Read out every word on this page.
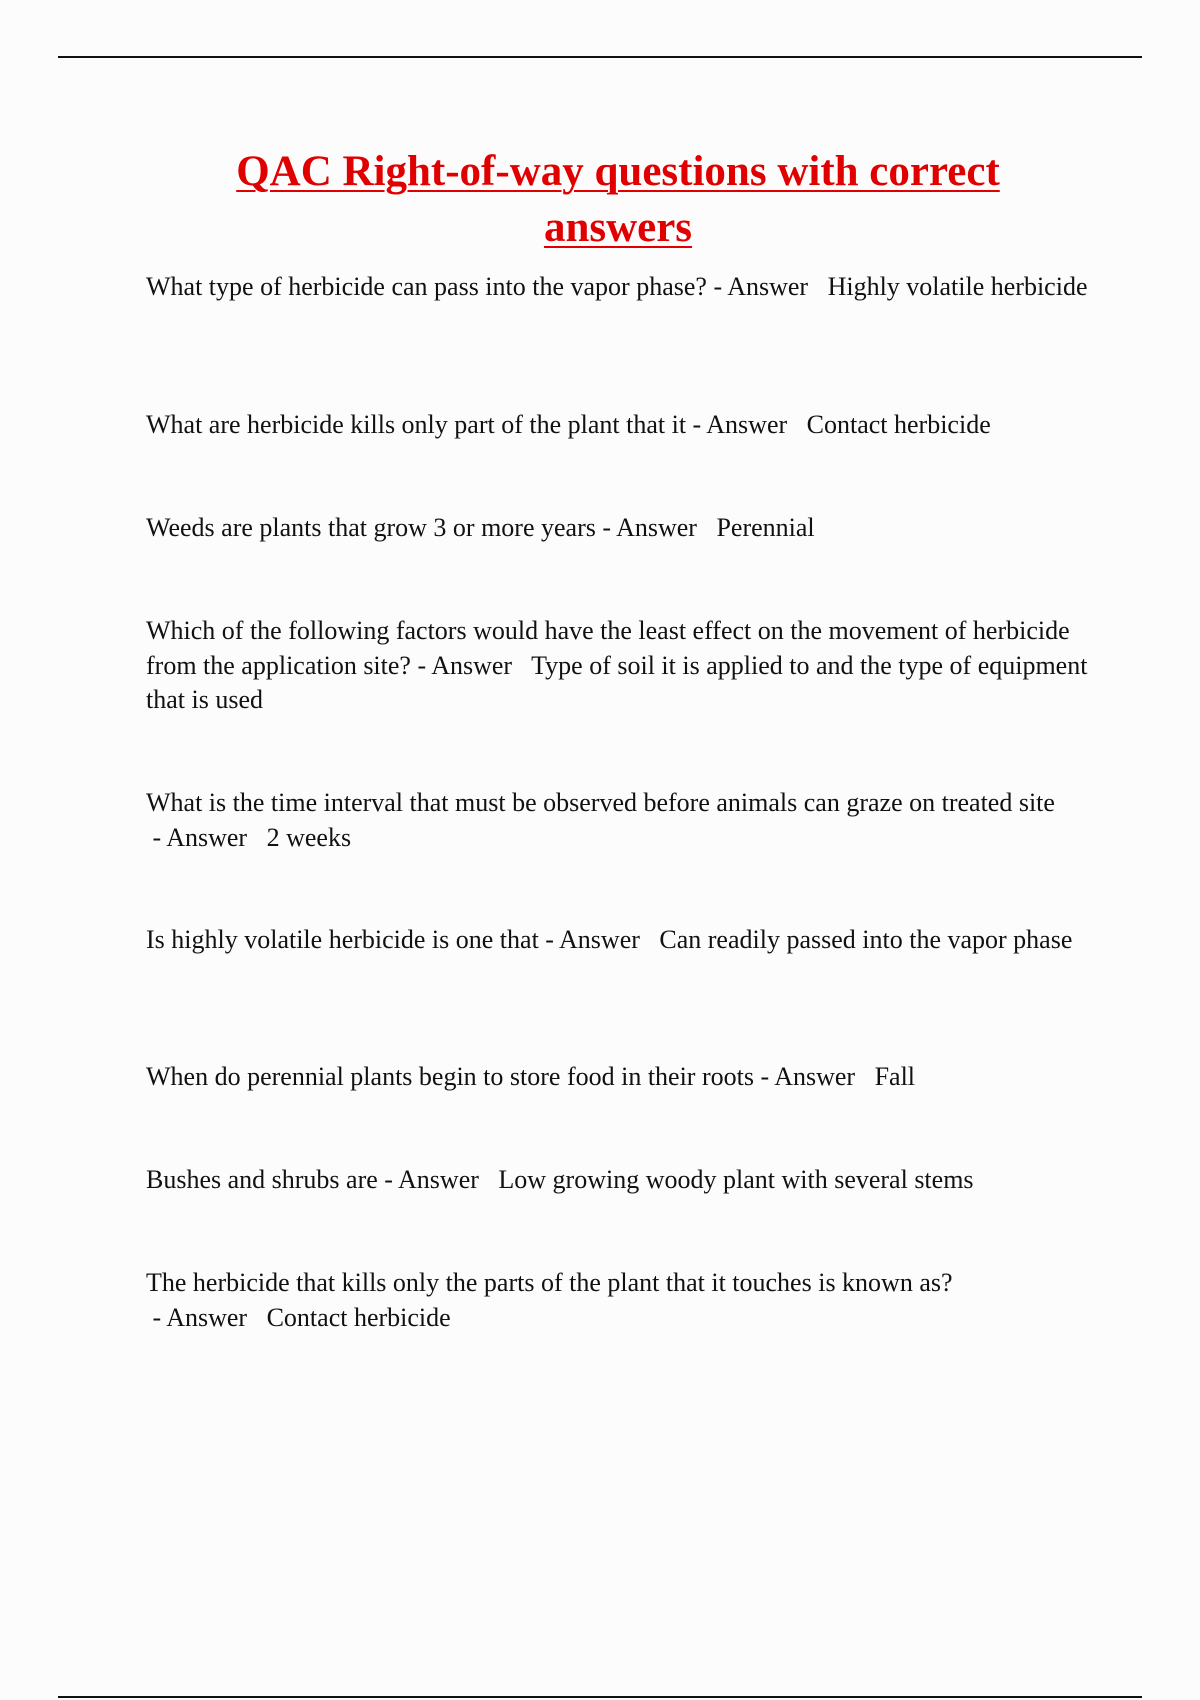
QAC Right-of-way questions with correct answers

What type of herbicide can pass into the vapor phase? - Answer   Highly volatile herbicide

What are herbicide kills only part of the plant that it - Answer   Contact herbicide

Weeds are plants that grow 3 or more years - Answer   Perennial

Which of the following factors would have the least effect on the movement of herbicide from the application site? - Answer   Type of soil it is applied to and the type of equipment that is used

What is the time interval that must be observed before animals can graze on treated site - Answer   2 weeks

Is highly volatile herbicide is one that - Answer   Can readily passed into the vapor phase

When do perennial plants begin to store food in their roots - Answer   Fall

Bushes and shrubs are - Answer   Low growing woody plant with several stems

The herbicide that kills only the parts of the plant that it touches is known as? - Answer   Contact herbicide
